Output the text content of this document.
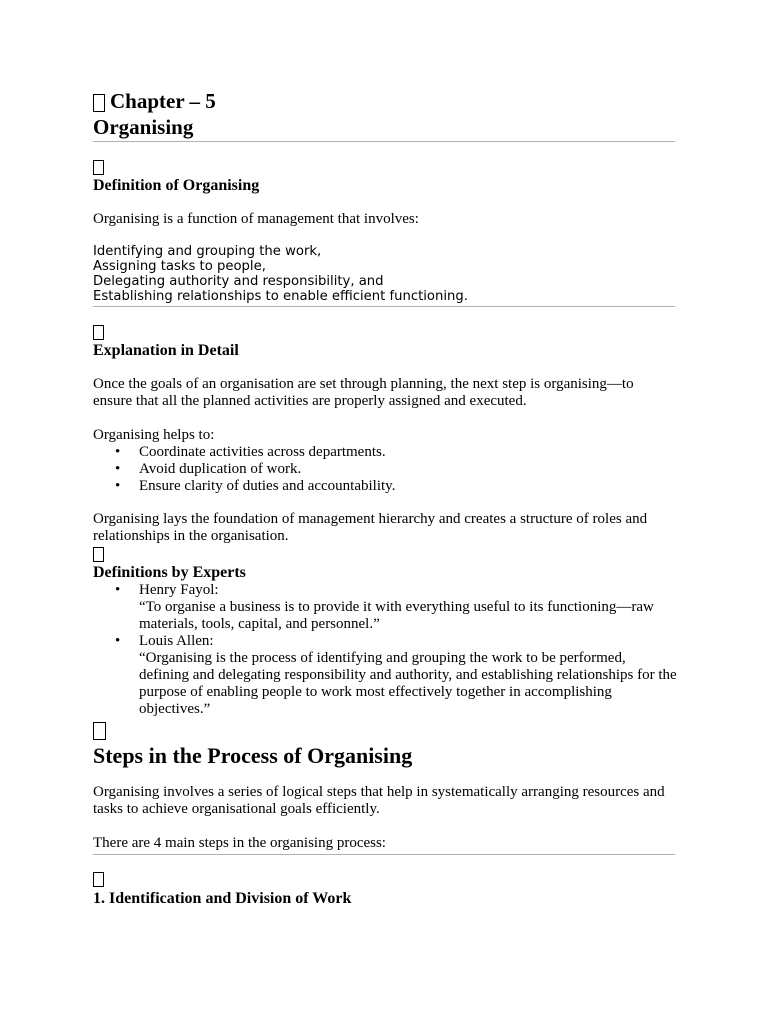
Chapter – 5
Organising
Definition of Organising
Organising is a function of management that involves:
Identifying and grouping the work,
Assigning tasks to people,
Delegating authority and responsibility, and
Establishing relationships to enable efficient functioning.
Explanation in Detail
Once the goals of an organisation are set through planning, the next step is organising—to ensure that all the planned activities are properly assigned and executed.
Organising helps to:
• Coordinate activities across departments.
• Avoid duplication of work.
• Ensure clarity of duties and accountability.
Organising lays the foundation of management hierarchy and creates a structure of roles and relationships in the organisation.
Definitions by Experts
• Henry Fayol:
“To organise a business is to provide it with everything useful to its functioning—raw materials, tools, capital, and personnel.”
• Louis Allen:
“Organising is the process of identifying and grouping the work to be performed, defining and delegating responsibility and authority, and establishing relationships for the purpose of enabling people to work most effectively together in accomplishing objectives.”
Steps in the Process of Organising
Organising involves a series of logical steps that help in systematically arranging resources and tasks to achieve organisational goals efficiently.
There are 4 main steps in the organising process:
1. Identification and Division of Work
